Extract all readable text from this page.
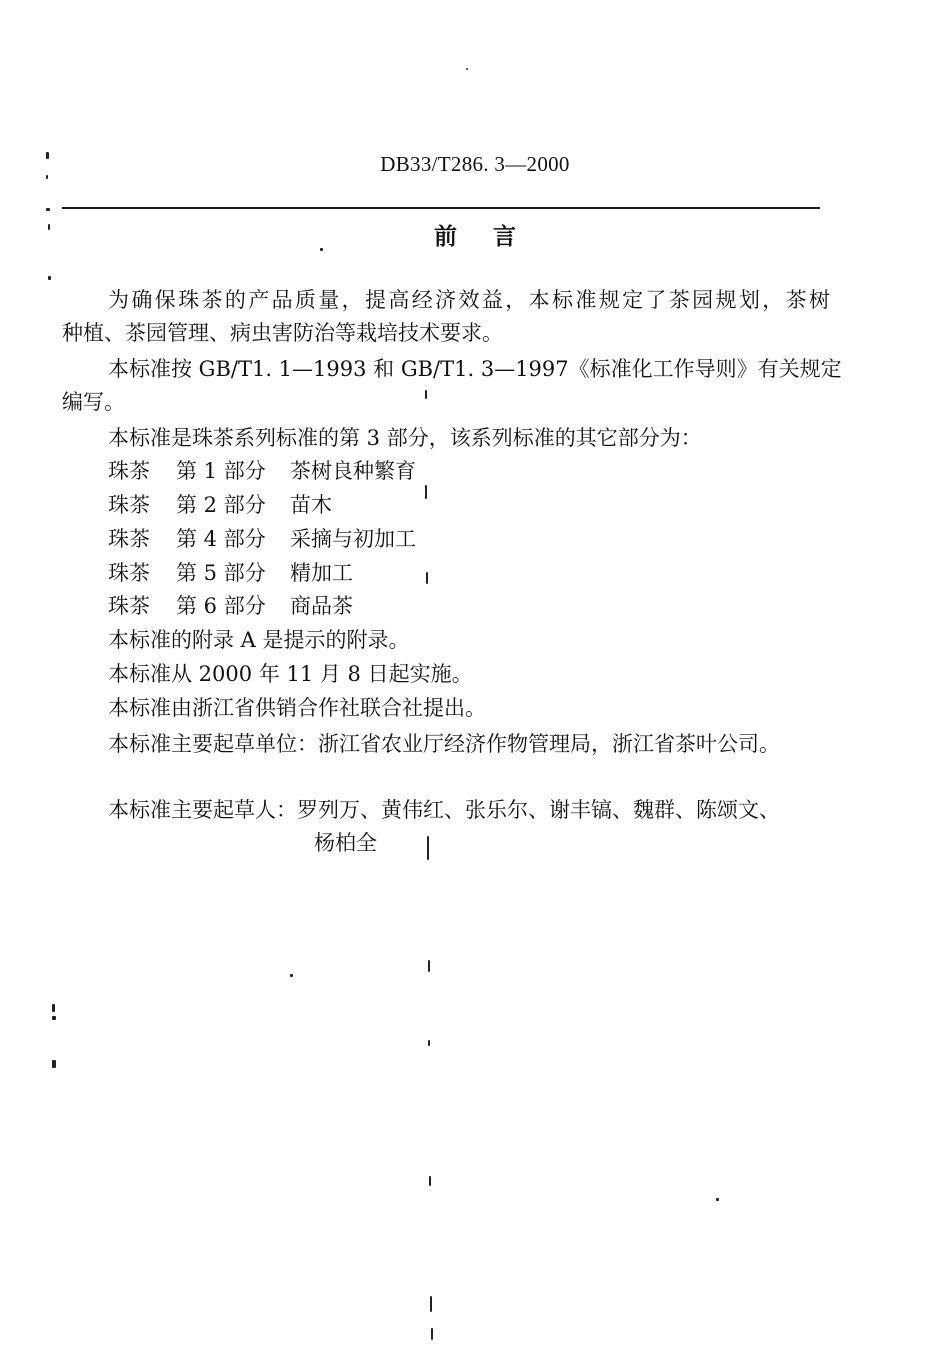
DB33/T286. 3—2000
前 言
为确保珠茶的产品质量，提高经济效益，本标准规定了茶园规划，茶树
种植、茶园管理、病虫害防治等栽培技术要求。
本标准按 GB/T1. 1—1993 和 GB/T1. 3—1997《标准化工作导则》有关规定
编写。
本标准是珠茶系列标准的第 3 部分，该系列标准的其它部分为：
珠茶 第 1 部分 茶树良种繁育
珠茶 第 2 部分 苗木
珠茶 第 4 部分 采摘与初加工
珠茶 第 5 部分 精加工
珠茶 第 6 部分 商品茶
本标准的附录 A 是提示的附录。
本标准从 2000 年 11 月 8 日起实施。
本标准由浙江省供销合作社联合社提出。
本标准主要起草单位：浙江省农业厅经济作物管理局，浙江省茶叶公司。
本标准主要起草人：罗列万、黄伟红、张乐尔、谢丰镐、魏群、陈颂文、
杨柏全
